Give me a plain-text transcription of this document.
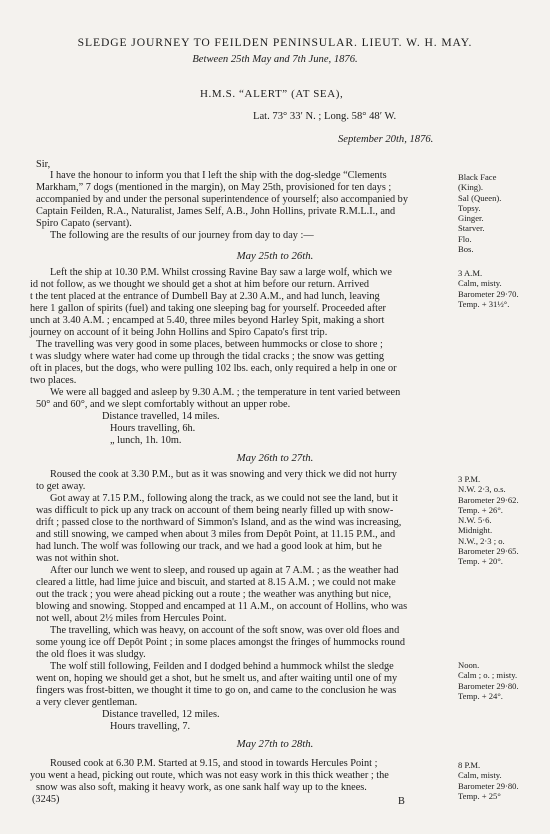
SLEDGE JOURNEY TO FEILDEN PENINSULAR. LIEUT. W. H. MAY.
Between 25th May and 7th June, 1876.
H.M.S. “ALERT” (AT SEA),
Lat. 73° 33′ N. ; Long. 58° 48′ W.
September 20th, 1876.
Sir,
I have the honour to inform you that I left the ship with the dog-sledge “Clements
Markham,” 7 dogs (mentioned in the margin), on May 25th, provisioned for ten days ;
accompanied by and under the personal superintendence of yourself; also accompanied by
Captain Feilden, R.A., Naturalist, James Self, A.B., John Hollins, private R.M.L.I., and
Spiro Capato (servant).
The following are the results of our journey from day to day :—
Black Face
(King).
Sal (Queen).
Topsy.
Ginger.
Starver.
Flo.
Bos.
May 25th to 26th.
Left the ship at 10.30 P.M. Whilst crossing Ravine Bay saw a large wolf, which we
id not follow, as we thought we should get a shot at him before our return. Arrived
t the tent placed at the entrance of Dumbell Bay at 2.30 A.M., and had lunch, leaving
here 1 gallon of spirits (fuel) and taking one sleeping bag for yourself. Proceeded after
unch at 3.40 A.M. ; encamped at 5.40, three miles beyond Harley Spit, making a short
journey on account of it being John Hollins and Spiro Capato's first trip.
The travelling was very good in some places, between hummocks or close to shore ;
t was sludgy where water had come up through the tidal cracks ; the snow was getting
oft in places, but the dogs, who were pulling 102 lbs. each, only required a help in one or
two places.
We were all bagged and asleep by 9.30 A.M. ; the temperature in tent varied between
50° and 60°, and we slept comfortably without an upper robe.
Distance travelled, 14 miles.
Hours travelling, 6h.
„ lunch, 1h. 10m.
3 A.M.
Calm, misty.
Barometer 29·70.
Temp. + 31½°.
May 26th to 27th.
Roused the cook at 3.30 P.M., but as it was snowing and very thick we did not hurry
to get away.
Got away at 7.15 P.M., following along the track, as we could not see the land, but it
was difficult to pick up any track on account of them being nearly filled up with snow-
drift ; passed close to the northward of Simmon's Island, and as the wind was increasing,
and still snowing, we camped when about 3 miles from Depôt Point, at 11.15 P.M., and
had lunch. The wolf was following our track, and we had a good look at him, but he
was not within shot.
After our lunch we went to sleep, and roused up again at 7 A.M. ; as the weather had
cleared a little, had lime juice and biscuit, and started at 8.15 A.M. ; we could not make
out the track ; you were ahead picking out a route ; the weather was anything but nice,
blowing and snowing. Stopped and encamped at 11 A.M., on account of Hollins, who was
not well, about 2½ miles from Hercules Point.
The travelling, which was heavy, on account of the soft snow, was over old floes and
some young ice off Depôt Point ; in some places amongst the fringes of hummocks round
the old floes it was sludgy.
The wolf still following, Feilden and I dodged behind a hummock whilst the sledge
went on, hoping we should get a shot, but he smelt us, and after waiting until one of my
fingers was frost-bitten, we thought it time to go on, and came to the conclusion he was
a very clever gentleman.
Distance travelled, 12 miles.
Hours travelling, 7.
3 P.M.
N.W. 2·3, o.s.
Barometer 29·62.
Temp. + 26°.
N.W. 5·6.
Midnight.
N.W., 2·3 ; o.
Barometer 29·65.
Temp. + 20°.
Noon.
Calm ; o. ; misty.
Barometer 29·80.
Temp. + 24°.
May 27th to 28th.
Roused cook at 6.30 P.M. Started at 9.15, and stood in towards Hercules Point ;
you went a head, picking out route, which was not easy work in this thick weather ; the
snow was also soft, making it heavy work, as one sank half way up to the knees.
8 P.M.
Calm, misty.
Barometer 29·80.
Temp. + 25°
(3245)	B
